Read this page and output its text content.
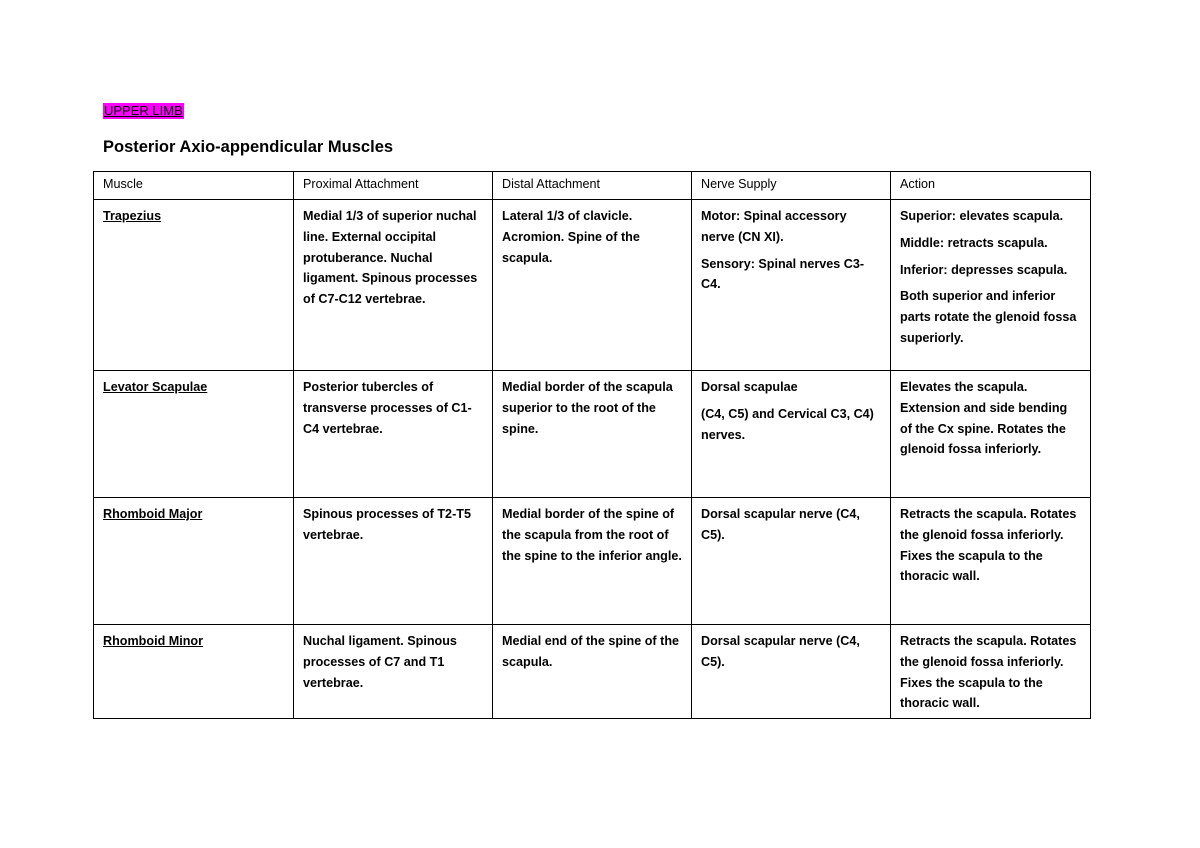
UPPER LIMB
Posterior Axio-appendicular Muscles
Muscle	Proximal Attachment	Distal Attachment	Nerve Supply	Action
Trapezius	Medial 1/3 of superior nuchal line. External occipital protuberance. Nuchal ligament. Spinous processes of C7-C12 vertebrae.	Lateral 1/3 of clavicle. Acromion. Spine of the scapula.	Motor: Spinal accessory nerve (CN XI).
Sensory: Spinal nerves C3-C4.	Superior: elevates scapula.
Middle: retracts scapula.
Inferior: depresses scapula.
Both superior and inferior parts rotate the glenoid fossa superiorly.

Levator Scapulae	Posterior tubercles of transverse processes of C1-C4 vertebrae.	Medial border of the scapula superior to the root of the spine.	Dorsal scapulae
(C4, C5) and Cervical C3, C4) nerves.	Elevates the scapula. Extension and side bending of the Cx spine. Rotates the glenoid fossa inferiorly.

Rhomboid Major	Spinous processes of T2-T5 vertebrae.	Medial border of the spine of the scapula from the root of the spine to the inferior angle.	Dorsal scapular nerve (C4, C5).	Retracts the scapula. Rotates the glenoid fossa inferiorly. Fixes the scapula to the thoracic wall.

Rhomboid Minor	Nuchal ligament. Spinous processes of C7 and T1 vertebrae.	Medial end of the spine of the scapula.	Dorsal scapular nerve (C4, C5).	Retracts the scapula. Rotates the glenoid fossa inferiorly. Fixes the scapula to the thoracic wall.
